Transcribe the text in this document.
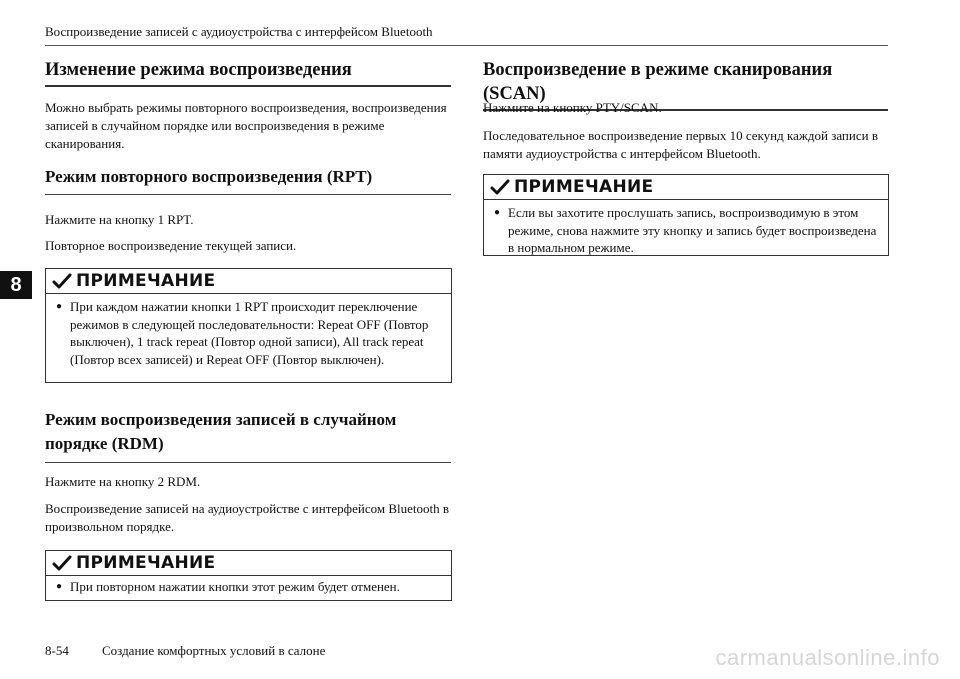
Воспроизведение записей с аудиоустройства с интерфейсом Bluetooth
8
Изменение режима воспроизведения
Можно выбрать режимы повторного воспроизведения, воспроизведения записей в случайном порядке или воспроизведения в режиме сканирования.
Режим повторного воспроизведения (RPT)
Нажмите на кнопку 1 RPT.
Повторное воспроизведение текущей записи.
ПРИМЕЧАНИЕ
● При каждом нажатии кнопки 1 RPT происходит переключение режимов в следующей последовательности: Repeat OFF (Повтор выключен), 1 track repeat (Повтор одной записи), All track repeat (Повтор всех записей) и Repeat OFF (Повтор выключен).
Режим воспроизведения записей в случайном
порядке (RDM)
Нажмите на кнопку 2 RDM.
Воспроизведение записей на аудиоустройстве с интерфейсом Bluetooth в произвольном порядке.
ПРИМЕЧАНИЕ
● При повторном нажатии кнопки этот режим будет отменен.
Воспроизведение в режиме сканирования (SCAN)
Нажмите на кнопку PTY/SCAN.
Последовательное воспроизведение первых 10 секунд каждой записи в памяти аудиоустройства с интерфейсом Bluetooth.
ПРИМЕЧАНИЕ
● Если вы захотите прослушать запись, воспроизводимую в этом режиме, снова нажмите эту кнопку и запись будет воспроизведена в нормальном режиме.
8-54	Создание комфортных условий в салоне	carmanualsonline.info
